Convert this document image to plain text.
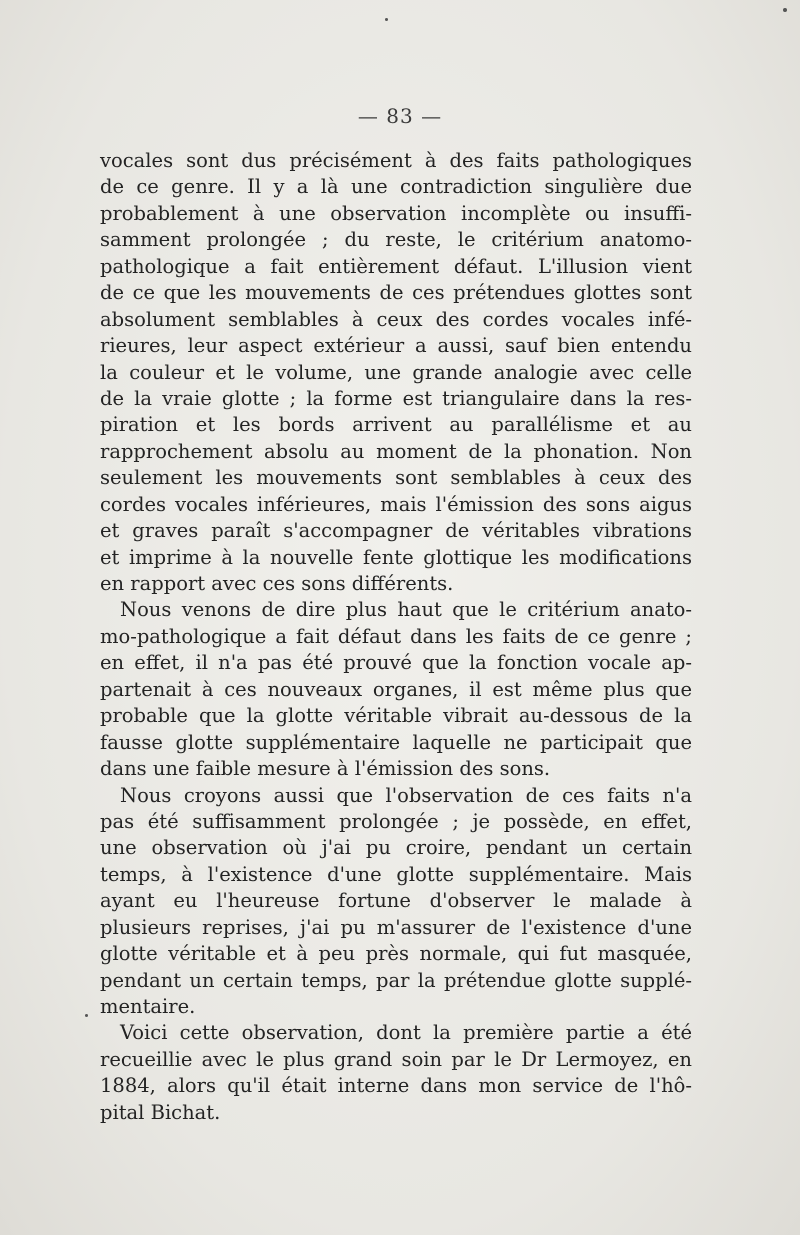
— 83 —
vocales sont dus précisément à des faits pathologiques
de ce genre. Il y a là une contradiction singulière due
probablement à une observation incomplète ou insuffi-
samment prolongée ; du reste, le critérium anatomo-
pathologique a fait entièrement défaut. L'illusion vient
de ce que les mouvements de ces prétendues glottes sont
absolument semblables à ceux des cordes vocales infé-
rieures, leur aspect extérieur a aussi, sauf bien entendu
la couleur et le volume, une grande analogie avec celle
de la vraie glotte ; la forme est triangulaire dans la res-
piration et les bords arrivent au parallélisme et au
rapprochement absolu au moment de la phonation. Non
seulement les mouvements sont semblables à ceux des
cordes vocales inférieures, mais l'émission des sons aigus
et graves paraît s'accompagner de véritables vibrations
et imprime à la nouvelle fente glottique les modifications
en rapport avec ces sons différents.
Nous venons de dire plus haut que le critérium anato-
mo-pathologique a fait défaut dans les faits de ce genre ;
en effet, il n'a pas été prouvé que la fonction vocale ap-
partenait à ces nouveaux organes, il est même plus que
probable que la glotte véritable vibrait au-dessous de la
fausse glotte supplémentaire laquelle ne participait que
dans une faible mesure à l'émission des sons.
Nous croyons aussi que l'observation de ces faits n'a
pas été suffisamment prolongée ; je possède, en effet,
une observation où j'ai pu croire, pendant un certain
temps, à l'existence d'une glotte supplémentaire. Mais
ayant eu l'heureuse fortune d'observer le malade à
plusieurs reprises, j'ai pu m'assurer de l'existence d'une
glotte véritable et à peu près normale, qui fut masquée,
pendant un certain temps, par la prétendue glotte supplé-
mentaire.
Voici cette observation, dont la première partie a été
recueillie avec le plus grand soin par le Dr Lermoyez, en
1884, alors qu'il était interne dans mon service de l'hô-
pital Bichat.
